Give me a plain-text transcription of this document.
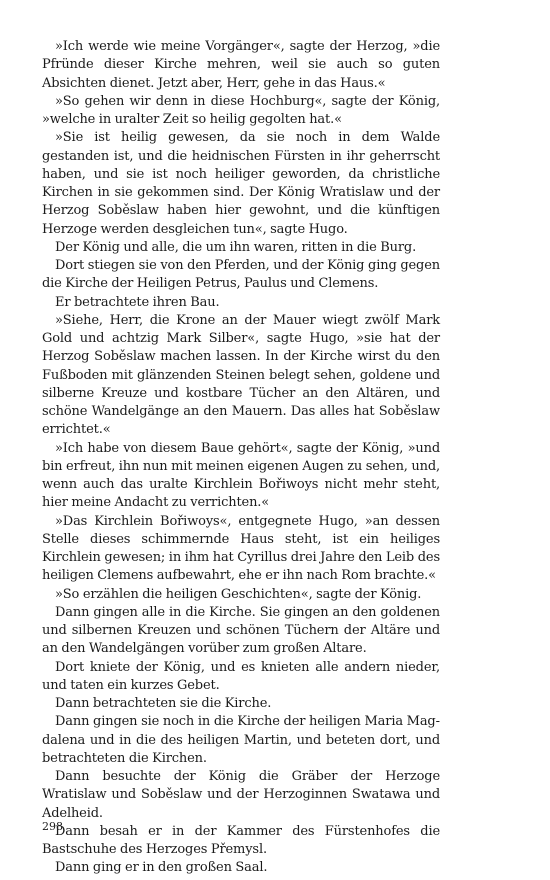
»Ich werde wie meine Vorgänger«, sagte der Herzog, »die Pfründe dieser Kirche mehren, weil sie auch so guten Absichten dienet. Jetzt aber, Herr, gehe in das Haus.«

»So gehen wir denn in diese Hochburg«, sagte der König, »welche in uralter Zeit so heilig gegolten hat.«

»Sie ist heilig gewesen, da sie noch in dem Walde gestanden ist, und die heidnischen Fürsten in ihr geherrscht haben, und sie ist noch heiliger geworden, da christliche Kirchen in sie gekommen sind. Der König Wratislaw und der Herzog Soběslaw haben hier gewohnt, und die künftigen Herzoge werden desgleichen tun«, sagte Hugo.

Der König und alle, die um ihn waren, ritten in die Burg.

Dort stiegen sie von den Pferden, und der König ging gegen die Kirche der Heiligen Petrus, Paulus und Clemens.

Er betrachtete ihren Bau.

»Siehe, Herr, die Krone an der Mauer wiegt zwölf Mark Gold und achtzig Mark Silber«, sagte Hugo, »sie hat der Herzog Soběslaw machen lassen. In der Kirche wirst du den Fußboden mit glänzenden Steinen belegt sehen, goldene und silberne Kreuze und kostbare Tücher an den Altären, und schöne Wandelgänge an den Mauern. Das alles hat Soběslaw errichtet.«

»Ich habe von diesem Baue gehört«, sagte der König, »und bin erfreut, ihn nun mit meinen eigenen Augen zu sehen, und, wenn auch das uralte Kirchlein Bořiwoys nicht mehr steht, hier meine Andacht zu verrichten.«

»Das Kirchlein Bořiwoys«, entgegnete Hugo, »an dessen Stelle dieses schimmernde Haus steht, ist ein heiliges Kirchlein gewesen; in ihm hat Cyrillus drei Jahre den Leib des heiligen Clemens aufbewahrt, ehe er ihn nach Rom brachte.«

»So erzählen die heiligen Geschichten«, sagte der König.

Dann gingen alle in die Kirche. Sie gingen an den goldenen und silbernen Kreuzen und schönen Tüchern der Altäre und an den Wandelgängen vorüber zum großen Altare.

Dort kniete der König, und es knieten alle andern nieder, und taten ein kurzes Gebet.

Dann betrachteten sie die Kirche.

Dann gingen sie noch in die Kirche der heiligen Maria Magdalena und in die des heiligen Martin, und beteten dort, und betrachteten die Kirchen.

Dann besuchte der König die Gräber der Herzoge Wratislaw und Soběslaw und der Herzoginnen Swatawa und Adelheid.

Dann besah er in der Kammer des Fürstenhofes die Bastschuhe des Herzoges Přemysl.

Dann ging er in den großen Saal.

298
